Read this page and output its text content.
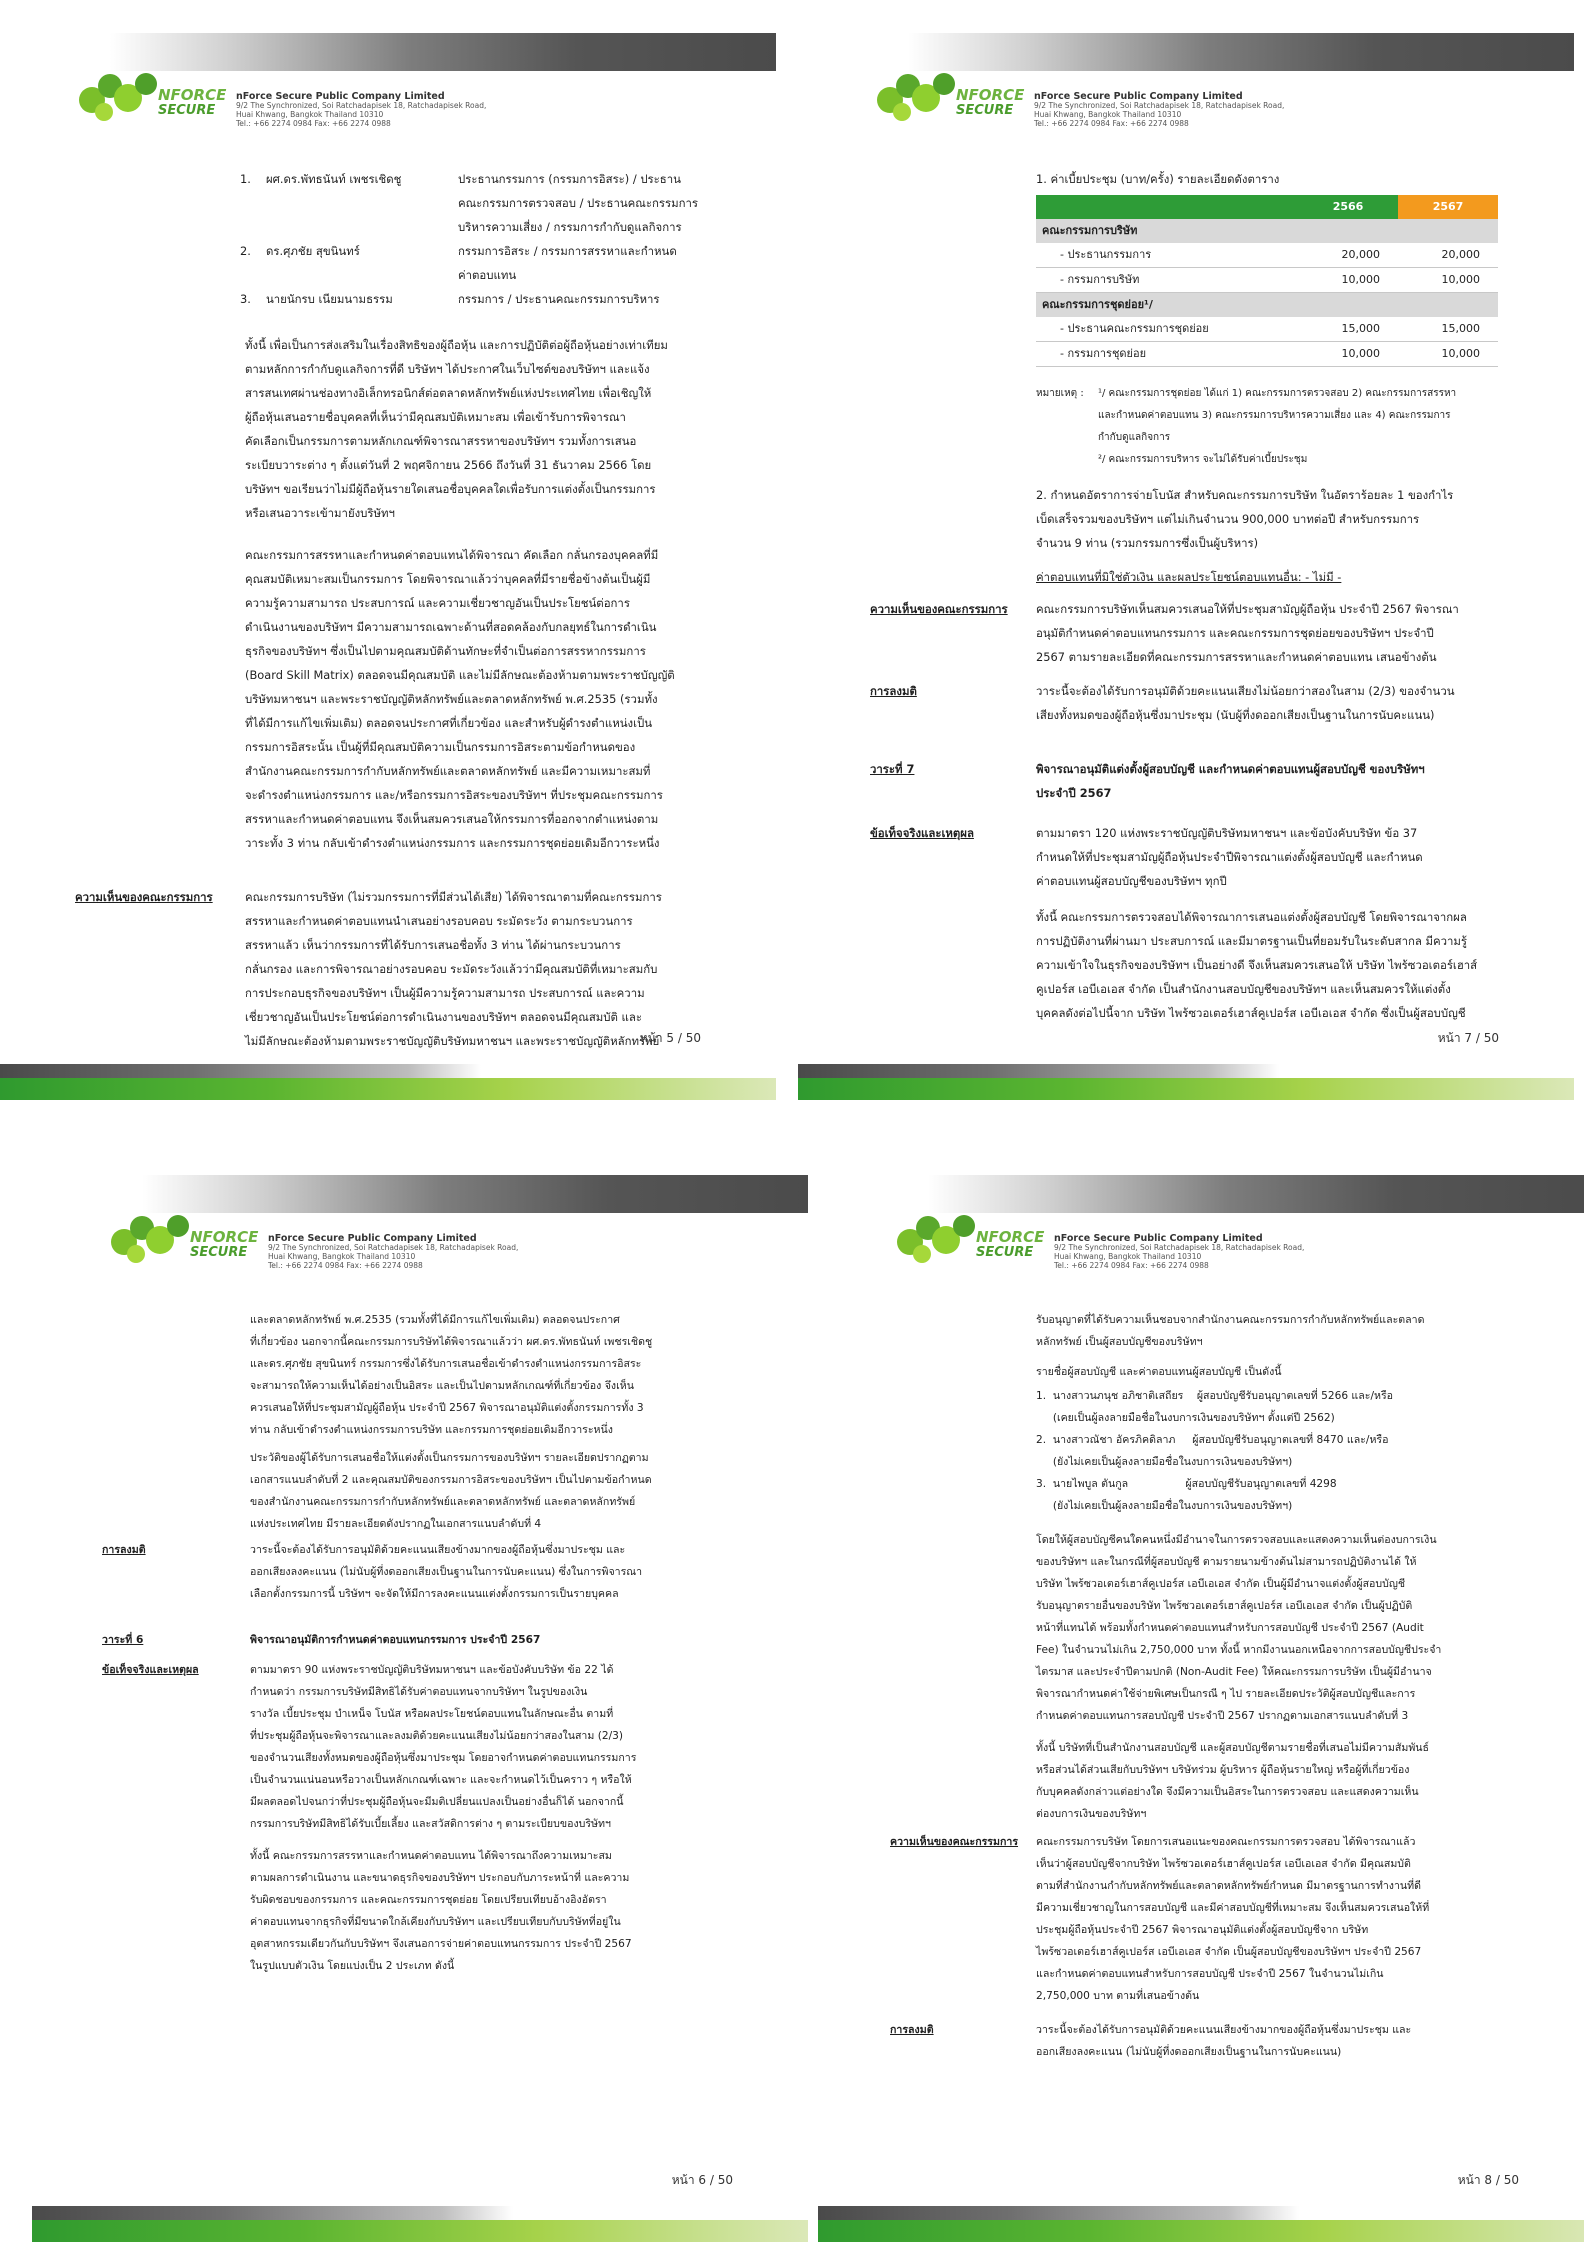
NFORCE
SECURE
nForce Secure Public Company Limited
9/2 The Synchronized, Soi Ratchadapisek 18, Ratchadapisek Road,
Huai Khwang, Bangkok Thailand 10310
Tel.: +66 2274 0984 Fax: +66 2274 0988
1.	ผศ.ดร.พัทธนันท์ เพชรเชิดชู	ประธานกรรมการ (กรรมการอิสระ) / ประธาน
คณะกรรมการตรวจสอบ / ประธานคณะกรรมการ
บริหารความเสี่ยง / กรรมการกำกับดูแลกิจการ
2.	ดร.ศุภชัย สุขนินทร์	กรรมการอิสระ / กรรมการสรรหาและกำหนด
ค่าตอบแทน
3.	นายนักรบ เนียมนามธรรม	กรรมการ / ประธานคณะกรรมการบริหาร
ทั้งนี้ เพื่อเป็นการส่งเสริมในเรื่องสิทธิของผู้ถือหุ้น และการปฏิบัติต่อผู้ถือหุ้นอย่างเท่าเทียม
ตามหลักการกำกับดูแลกิจการที่ดี บริษัทฯ ได้ประกาศในเว็บไซต์ของบริษัทฯ และแจ้ง
สารสนเทศผ่านช่องทางอิเล็กทรอนิกส์ต่อตลาดหลักทรัพย์แห่งประเทศไทย เพื่อเชิญให้
ผู้ถือหุ้นเสนอรายชื่อบุคคลที่เห็นว่ามีคุณสมบัติเหมาะสม เพื่อเข้ารับการพิจารณา
คัดเลือกเป็นกรรมการตามหลักเกณฑ์พิจารณาสรรหาของบริษัทฯ รวมทั้งการเสนอ
ระเบียบวาระต่าง ๆ ตั้งแต่วันที่ 2 พฤศจิกายน 2566 ถึงวันที่ 31 ธันวาคม 2566 โดย
บริษัทฯ ขอเรียนว่าไม่มีผู้ถือหุ้นรายใดเสนอชื่อบุคคลใดเพื่อรับการแต่งตั้งเป็นกรรมการ
หรือเสนอวาระเข้ามายังบริษัทฯ
คณะกรรมการสรรหาและกำหนดค่าตอบแทนได้พิจารณา คัดเลือก กลั่นกรองบุคคลที่มี
คุณสมบัติเหมาะสมเป็นกรรมการ โดยพิจารณาแล้วว่าบุคคลที่มีรายชื่อข้างต้นเป็นผู้มี
ความรู้ความสามารถ ประสบการณ์ และความเชี่ยวชาญอันเป็นประโยชน์ต่อการ
ดำเนินงานของบริษัทฯ มีความสามารถเฉพาะด้านที่สอดคล้องกับกลยุทธ์ในการดำเนิน
ธุรกิจของบริษัทฯ ซึ่งเป็นไปตามคุณสมบัติด้านทักษะที่จำเป็นต่อการสรรหากรรมการ
(Board Skill Matrix) ตลอดจนมีคุณสมบัติ และไม่มีลักษณะต้องห้ามตามพระราชบัญญัติ
บริษัทมหาชนฯ และพระราชบัญญัติหลักทรัพย์และตลาดหลักทรัพย์ พ.ศ.2535 (รวมทั้ง
ที่ได้มีการแก้ไขเพิ่มเติม) ตลอดจนประกาศที่เกี่ยวข้อง และสำหรับผู้ดำรงตำแหน่งเป็น
กรรมการอิสระนั้น เป็นผู้ที่มีคุณสมบัติความเป็นกรรมการอิสระตามข้อกำหนดของ
สำนักงานคณะกรรมการกำกับหลักทรัพย์และตลาดหลักทรัพย์ และมีความเหมาะสมที่
จะดำรงตำแหน่งกรรมการ และ/หรือกรรมการอิสระของบริษัทฯ ที่ประชุมคณะกรรมการ
สรรหาและกำหนดค่าตอบแทน จึงเห็นสมควรเสนอให้กรรมการที่ออกจากตำแหน่งตาม
วาระทั้ง 3 ท่าน กลับเข้าดำรงตำแหน่งกรรมการ และกรรมการชุดย่อยเดิมอีกวาระหนึ่ง
ความเห็นของคณะกรรมการ	คณะกรรมการบริษัท (ไม่รวมกรรมการที่มีส่วนได้เสีย) ได้พิจารณาตามที่คณะกรรมการ
สรรหาและกำหนดค่าตอบแทนนำเสนอย่างรอบคอบ ระมัดระวัง ตามกระบวนการ
สรรหาแล้ว เห็นว่ากรรมการที่ได้รับการเสนอชื่อทั้ง 3 ท่าน ได้ผ่านกระบวนการ
กลั่นกรอง และการพิจารณาอย่างรอบคอบ ระมัดระวังแล้วว่ามีคุณสมบัติที่เหมาะสมกับ
การประกอบธุรกิจของบริษัทฯ เป็นผู้มีความรู้ความสามารถ ประสบการณ์ และความ
เชี่ยวชาญอันเป็นประโยชน์ต่อการดำเนินงานของบริษัทฯ ตลอดจนมีคุณสมบัติ และ
ไม่มีลักษณะต้องห้ามตามพระราชบัญญัติบริษัทมหาชนฯ และพระราชบัญญัติหลักทรัพย์
หน้า 5 / 50
NFORCE
SECURE
nForce Secure Public Company Limited
9/2 The Synchronized, Soi Ratchadapisek 18, Ratchadapisek Road,
Huai Khwang, Bangkok Thailand 10310
Tel.: +66 2274 0984 Fax: +66 2274 0988
1. ค่าเบี้ยประชุม (บาท/ครั้ง) รายละเอียดดังตาราง
	2566	2567
คณะกรรมการบริษัท		
- ประธานกรรมการ	20,000	20,000
- กรรมการบริษัท	10,000	10,000
คณะกรรมการชุดย่อย¹/		
- ประธานคณะกรรมการชุดย่อย	15,000	15,000
- กรรมการชุดย่อย	10,000	10,000
หมายเหตุ : ¹/ คณะกรรมการชุดย่อย ได้แก่ 1) คณะกรรมการตรวจสอบ 2) คณะกรรมการสรรหา
และกำหนดค่าตอบแทน 3) คณะกรรมการบริหารความเสี่ยง และ 4) คณะกรรมการ
กำกับดูแลกิจการ
²/ คณะกรรมการบริหาร จะไม่ได้รับค่าเบี้ยประชุม
2. กำหนดอัตราการจ่ายโบนัส สำหรับคณะกรรมการบริษัท ในอัตราร้อยละ 1 ของกำไร
เบ็ดเสร็จรวมของบริษัทฯ แต่ไม่เกินจำนวน 900,000 บาทต่อปี สำหรับกรรมการ
จำนวน 9 ท่าน (รวมกรรมการซึ่งเป็นผู้บริหาร)
ค่าตอบแทนที่มิใช่ตัวเงิน และผลประโยชน์ตอบแทนอื่น: - ไม่มี -
ความเห็นของคณะกรรมการ คณะกรรมการบริษัทเห็นสมควรเสนอให้ที่ประชุมสามัญผู้ถือหุ้น ประจำปี 2567 พิจารณา
อนุมัติกำหนดค่าตอบแทนกรรมการ และคณะกรรมการชุดย่อยของบริษัทฯ ประจำปี
2567 ตามรายละเอียดที่คณะกรรมการสรรหาและกำหนดค่าตอบแทน เสนอข้างต้น
การลงมติ	วาระนี้จะต้องได้รับการอนุมัติด้วยคะแนนเสียงไม่น้อยกว่าสองในสาม (2/3) ของจำนวน
เสียงทั้งหมดของผู้ถือหุ้นซึ่งมาประชุม (นับผู้ที่งดออกเสียงเป็นฐานในการนับคะแนน)
วาระที่ 7	พิจารณาอนุมัติแต่งตั้งผู้สอบบัญชี และกำหนดค่าตอบแทนผู้สอบบัญชี ของบริษัทฯ
ประจำปี 2567
ข้อเท็จจริงและเหตุผล	ตามมาตรา 120 แห่งพระราชบัญญัติบริษัทมหาชนฯ และข้อบังคับบริษัท ข้อ 37
กำหนดให้ที่ประชุมสามัญผู้ถือหุ้นประจำปีพิจารณาแต่งตั้งผู้สอบบัญชี และกำหนด
ค่าตอบแทนผู้สอบบัญชีของบริษัทฯ ทุกปี
ทั้งนี้ คณะกรรมการตรวจสอบได้พิจารณาการเสนอแต่งตั้งผู้สอบบัญชี โดยพิจารณาจากผล
การปฏิบัติงานที่ผ่านมา ประสบการณ์ และมีมาตรฐานเป็นที่ยอมรับในระดับสากล มีความรู้
ความเข้าใจในธุรกิจของบริษัทฯ เป็นอย่างดี จึงเห็นสมควรเสนอให้ บริษัท ไพร้ซวอเตอร์เฮาส์
คูเปอร์ส เอบีเอเอส จำกัด เป็นสำนักงานสอบบัญชีของบริษัทฯ และเห็นสมควรให้แต่งตั้ง
บุคคลดังต่อไปนี้จาก บริษัท ไพร้ซวอเตอร์เฮาส์คูเปอร์ส เอบีเอเอส จำกัด ซึ่งเป็นผู้สอบบัญชี
หน้า 7 / 50
NFORCE
SECURE
nForce Secure Public Company Limited
9/2 The Synchronized, Soi Ratchadapisek 18, Ratchadapisek Road,
Huai Khwang, Bangkok Thailand 10310
Tel.: +66 2274 0984 Fax: +66 2274 0988
และตลาดหลักทรัพย์ พ.ศ.2535 (รวมทั้งที่ได้มีการแก้ไขเพิ่มเติม) ตลอดจนประกาศ
ที่เกี่ยวข้อง นอกจากนี้คณะกรรมการบริษัทได้พิจารณาแล้วว่า ผศ.ดร.พัทธนันท์ เพชรเชิดชู
และดร.ศุภชัย สุขนินทร์ กรรมการซึ่งได้รับการเสนอชื่อเข้าดำรงตำแหน่งกรรมการอิสระ
จะสามารถให้ความเห็นได้อย่างเป็นอิสระ และเป็นไปตามหลักเกณฑ์ที่เกี่ยวข้อง จึงเห็น
ควรเสนอให้ที่ประชุมสามัญผู้ถือหุ้น ประจำปี 2567 พิจารณาอนุมัติแต่งตั้งกรรมการทั้ง 3
ท่าน กลับเข้าดำรงตำแหน่งกรรมการบริษัท และกรรมการชุดย่อยเดิมอีกวาระหนึ่ง
ประวัติของผู้ได้รับการเสนอชื่อให้แต่งตั้งเป็นกรรมการของบริษัทฯ รายละเอียดปรากฏตาม
เอกสารแนบลำดับที่ 2 และคุณสมบัติของกรรมการอิสระของบริษัทฯ เป็นไปตามข้อกำหนด
ของสำนักงานคณะกรรมการกำกับหลักทรัพย์และตลาดหลักทรัพย์ และตลาดหลักทรัพย์
แห่งประเทศไทย มีรายละเอียดดังปรากฏในเอกสารแนบลำดับที่ 4
การลงมติ	วาระนี้จะต้องได้รับการอนุมัติด้วยคะแนนเสียงข้างมากของผู้ถือหุ้นซึ่งมาประชุม และ
ออกเสียงลงคะแนน (ไม่นับผู้ที่งดออกเสียงเป็นฐานในการนับคะแนน) ซึ่งในการพิจารณา
เลือกตั้งกรรมการนี้ บริษัทฯ จะจัดให้มีการลงคะแนนแต่งตั้งกรรมการเป็นรายบุคคล
วาระที่ 6	พิจารณาอนุมัติการกำหนดค่าตอบแทนกรรมการ ประจำปี 2567
ข้อเท็จจริงและเหตุผล	ตามมาตรา 90 แห่งพระราชบัญญัติบริษัทมหาชนฯ และข้อบังคับบริษัท ข้อ 22 ได้
กำหนดว่า กรรมการบริษัทมีสิทธิได้รับค่าตอบแทนจากบริษัทฯ ในรูปของเงิน
รางวัล เบี้ยประชุม บำเหน็จ โบนัส หรือผลประโยชน์ตอบแทนในลักษณะอื่น ตามที่
ที่ประชุมผู้ถือหุ้นจะพิจารณาและลงมติด้วยคะแนนเสียงไม่น้อยกว่าสองในสาม (2/3)
ของจำนวนเสียงทั้งหมดของผู้ถือหุ้นซึ่งมาประชุม โดยอาจกำหนดค่าตอบแทนกรรมการ
เป็นจำนวนแน่นอนหรือวางเป็นหลักเกณฑ์เฉพาะ และจะกำหนดไว้เป็นคราว ๆ หรือให้
มีผลตลอดไปจนกว่าที่ประชุมผู้ถือหุ้นจะมีมติเปลี่ยนแปลงเป็นอย่างอื่นก็ได้ นอกจากนี้
กรรมการบริษัทมีสิทธิได้รับเบี้ยเลี้ยง และสวัสดิการต่าง ๆ ตามระเบียบของบริษัทฯ
ทั้งนี้ คณะกรรมการสรรหาและกำหนดค่าตอบแทน ได้พิจารณาถึงความเหมาะสม
ตามผลการดำเนินงาน และขนาดธุรกิจของบริษัทฯ ประกอบกับภาระหน้าที่ และความ
รับผิดชอบของกรรมการ และคณะกรรมการชุดย่อย โดยเปรียบเทียบอ้างอิงอัตรา
ค่าตอบแทนจากธุรกิจที่มีขนาดใกล้เคียงกับบริษัทฯ และเปรียบเทียบกับบริษัทที่อยู่ใน
อุตสาหกรรมเดียวกันกับบริษัทฯ จึงเสนอการจ่ายค่าตอบแทนกรรมการ ประจำปี 2567
ในรูปแบบตัวเงิน โดยแบ่งเป็น 2 ประเภท ดังนี้
หน้า 6 / 50
NFORCE
SECURE
nForce Secure Public Company Limited
9/2 The Synchronized, Soi Ratchadapisek 18, Ratchadapisek Road,
Huai Khwang, Bangkok Thailand 10310
Tel.: +66 2274 0984 Fax: +66 2274 0988
รับอนุญาตที่ได้รับความเห็นชอบจากสำนักงานคณะกรรมการกำกับหลักทรัพย์และตลาด
หลักทรัพย์ เป็นผู้สอบบัญชีของบริษัทฯ
รายชื่อผู้สอบบัญชี และค่าตอบแทนผู้สอบบัญชี เป็นดังนี้
1.  นางสาวนภนุช อภิชาติเสถียร    ผู้สอบบัญชีรับอนุญาตเลขที่ 5266 และ/หรือ
(เคยเป็นผู้ลงลายมือชื่อในงบการเงินของบริษัทฯ ตั้งแต่ปี 2562)
2.  นางสาวณัชา อัครภิคดิลาภ     ผู้สอบบัญชีรับอนุญาตเลขที่ 8470 และ/หรือ
(ยังไม่เคยเป็นผู้ลงลายมือชื่อในงบการเงินของบริษัทฯ)
3.  นายไพบูล ตันกูล                 ผู้สอบบัญชีรับอนุญาตเลขที่ 4298
(ยังไม่เคยเป็นผู้ลงลายมือชื่อในงบการเงินของบริษัทฯ)
โดยให้ผู้สอบบัญชีคนใดคนหนึ่งมีอำนาจในการตรวจสอบและแสดงความเห็นต่องบการเงิน
ของบริษัทฯ และในกรณีที่ผู้สอบบัญชี ตามรายนามข้างต้นไม่สามารถปฏิบัติงานได้ ให้
บริษัท ไพร้ซวอเตอร์เฮาส์คูเปอร์ส เอบีเอเอส จำกัด เป็นผู้มีอำนาจแต่งตั้งผู้สอบบัญชี
รับอนุญาตรายอื่นของบริษัท ไพร้ซวอเตอร์เฮาส์คูเปอร์ส เอบีเอเอส จำกัด เป็นผู้ปฏิบัติ
หน้าที่แทนได้ พร้อมทั้งกำหนดค่าตอบแทนสำหรับการสอบบัญชี ประจำปี 2567 (Audit
Fee) ในจำนวนไม่เกิน 2,750,000 บาท ทั้งนี้ หากมีงานนอกเหนือจากการสอบบัญชีประจำ
ไตรมาส และประจำปีตามปกติ (Non-Audit Fee) ให้คณะกรรมการบริษัท เป็นผู้มีอำนาจ
พิจารณากำหนดค่าใช้จ่ายพิเศษเป็นกรณี ๆ ไป รายละเอียดประวัติผู้สอบบัญชีและการ
กำหนดค่าตอบแทนการสอบบัญชี ประจำปี 2567 ปรากฏตามเอกสารแนบลำดับที่ 3
ทั้งนี้ บริษัทที่เป็นสำนักงานสอบบัญชี และผู้สอบบัญชีตามรายชื่อที่เสนอไม่มีความสัมพันธ์
หรือส่วนได้ส่วนเสียกับบริษัทฯ บริษัทร่วม ผู้บริหาร ผู้ถือหุ้นรายใหญ่ หรือผู้ที่เกี่ยวข้อง
กับบุคคลดังกล่าวแต่อย่างใด จึงมีความเป็นอิสระในการตรวจสอบ และแสดงความเห็น
ต่องบการเงินของบริษัทฯ
ความเห็นของคณะกรรมการ คณะกรรมการบริษัท โดยการเสนอแนะของคณะกรรมการตรวจสอบ ได้พิจารณาแล้ว
เห็นว่าผู้สอบบัญชีจากบริษัท ไพร้ซวอเตอร์เฮาส์คูเปอร์ส เอบีเอเอส จำกัด มีคุณสมบัติ
ตามที่สำนักงานกำกับหลักทรัพย์และตลาดหลักทรัพย์กำหนด มีมาตรฐานการทำงานที่ดี
มีความเชี่ยวชาญในการสอบบัญชี และมีค่าสอบบัญชีที่เหมาะสม จึงเห็นสมควรเสนอให้ที่
ประชุมผู้ถือหุ้นประจำปี 2567 พิจารณาอนุมัติแต่งตั้งผู้สอบบัญชีจาก บริษัท
ไพร้ซวอเตอร์เฮาส์คูเปอร์ส เอบีเอเอส จำกัด เป็นผู้สอบบัญชีของบริษัทฯ ประจำปี 2567
และกำหนดค่าตอบแทนสำหรับการสอบบัญชี ประจำปี 2567 ในจำนวนไม่เกิน
2,750,000 บาท ตามที่เสนอข้างต้น
การลงมติ	วาระนี้จะต้องได้รับการอนุมัติด้วยคะแนนเสียงข้างมากของผู้ถือหุ้นซึ่งมาประชุม และ
ออกเสียงลงคะแนน (ไม่นับผู้ที่งดออกเสียงเป็นฐานในการนับคะแนน)
หน้า 8 / 50
